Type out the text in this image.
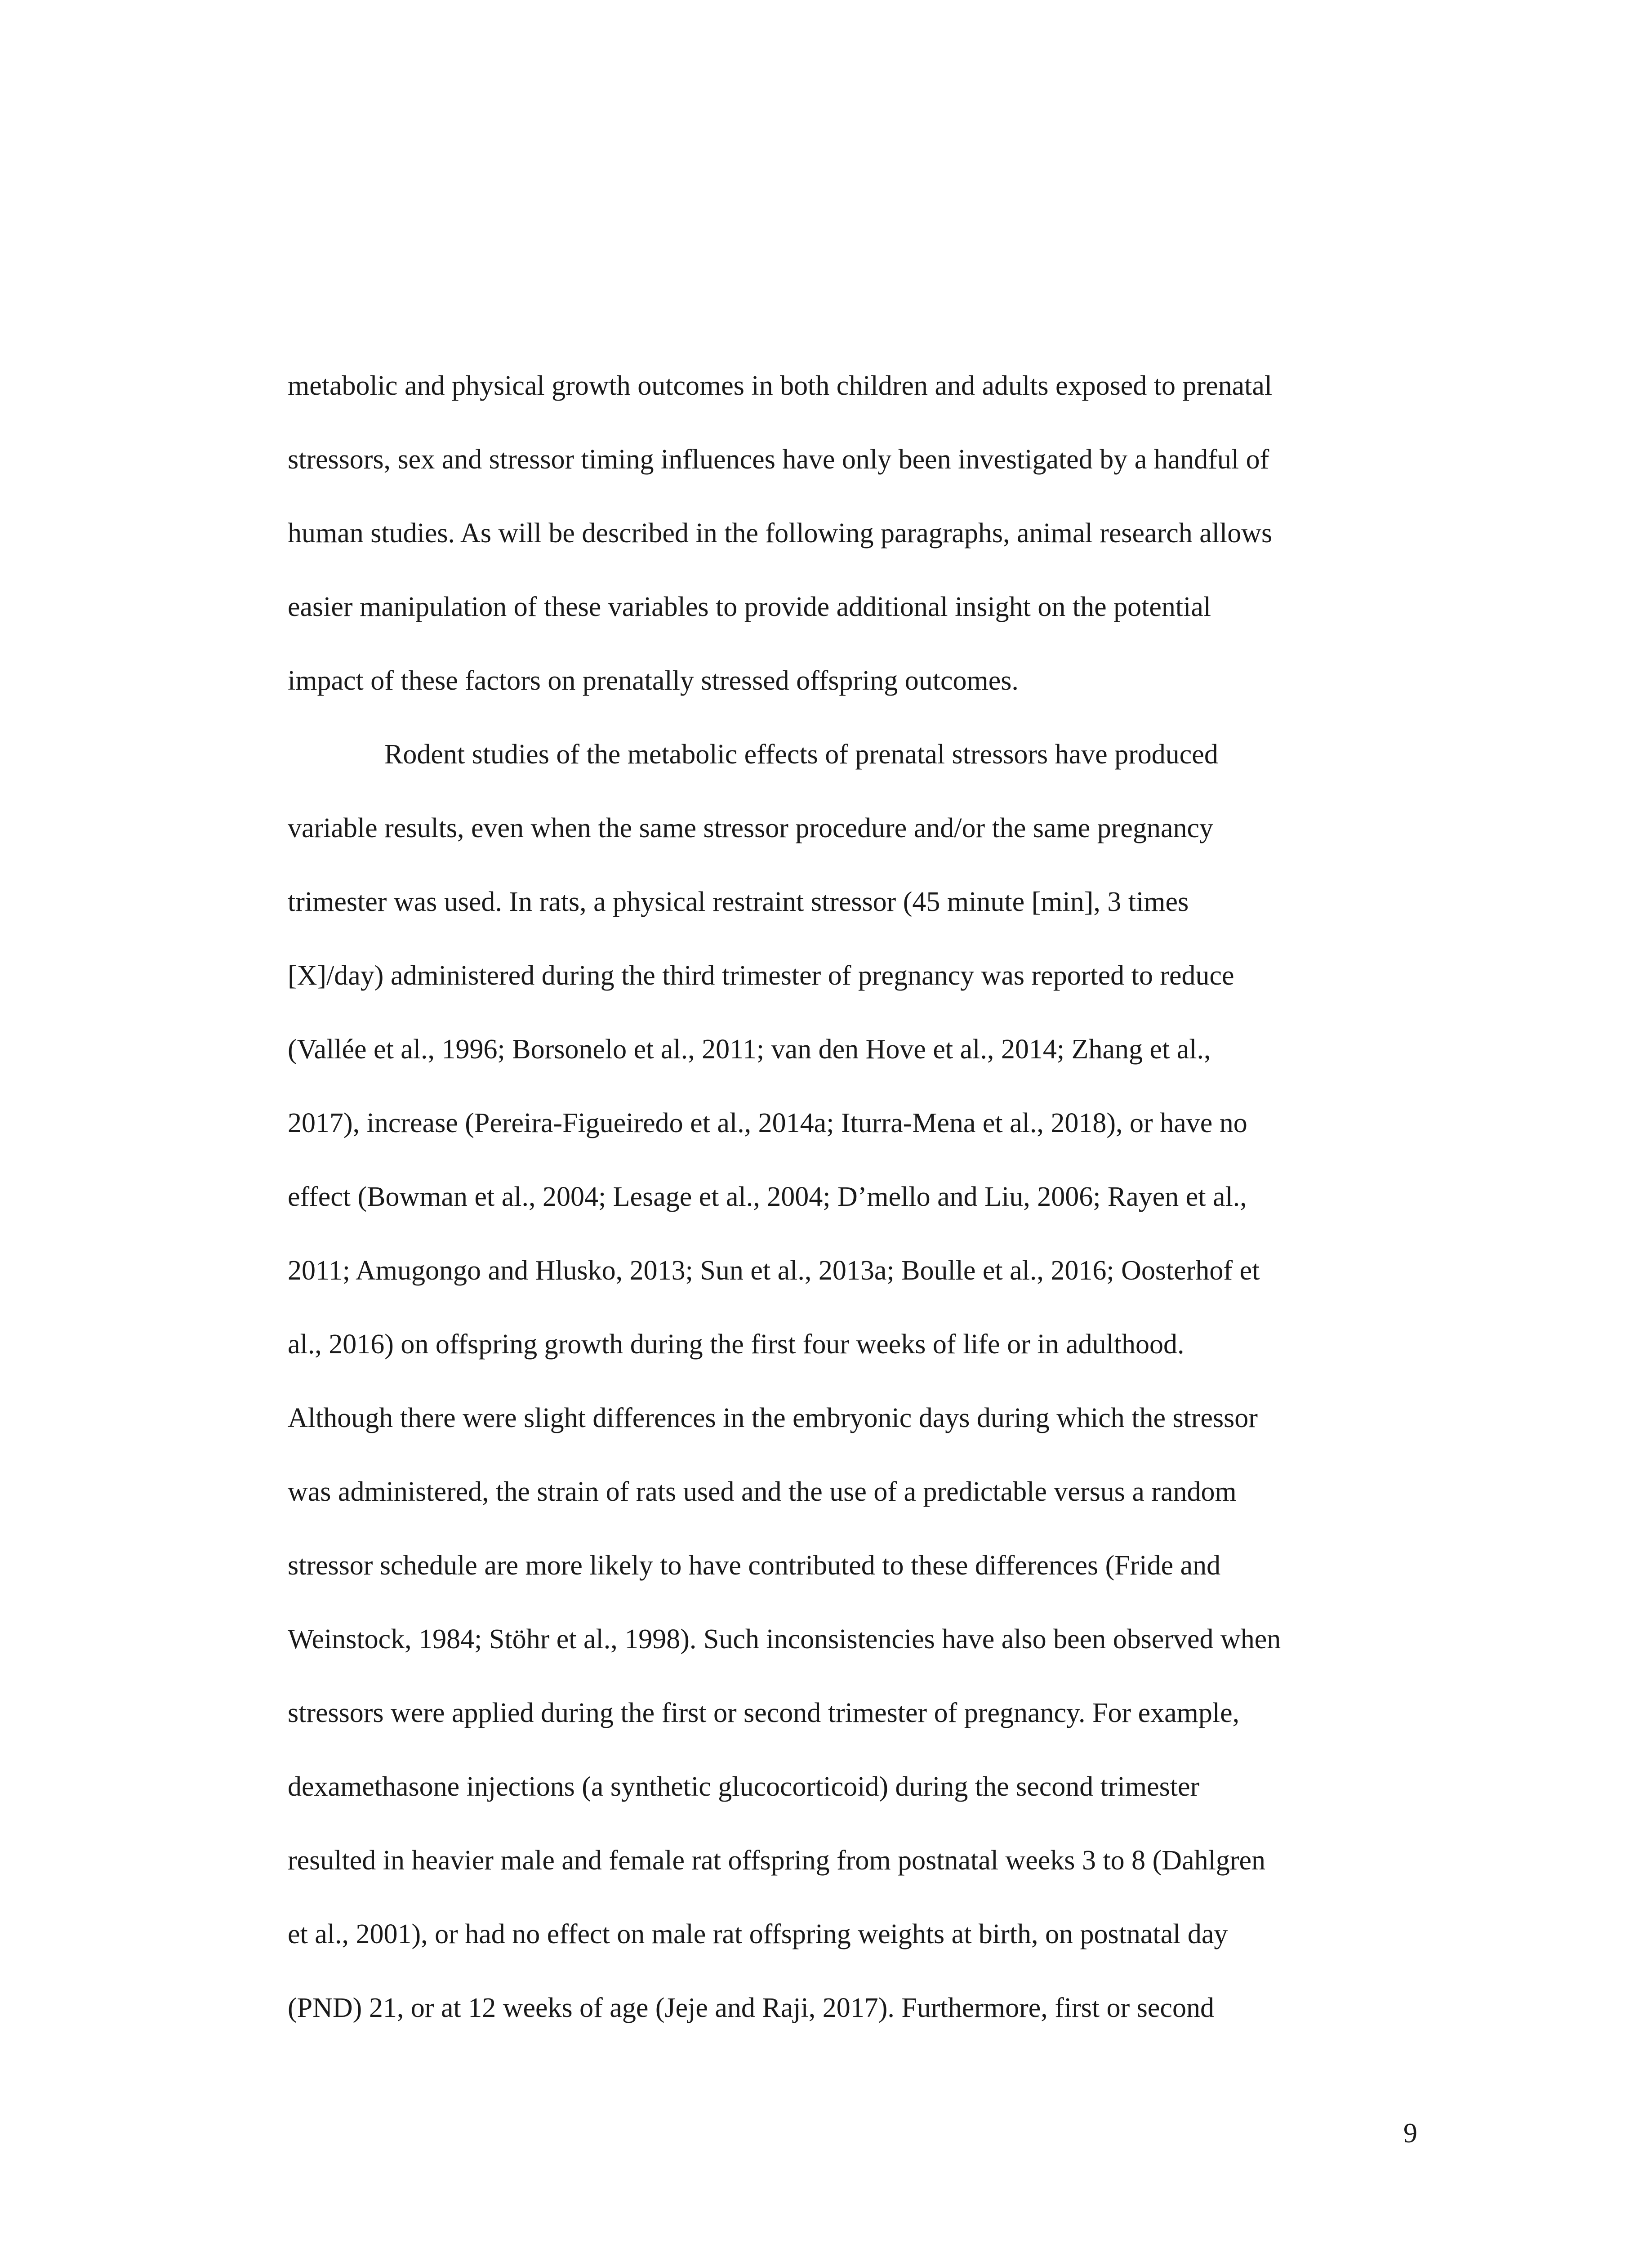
metabolic and physical growth outcomes in both children and adults exposed to prenatal
stressors, sex and stressor timing influences have only been investigated by a handful of
human studies. As will be described in the following paragraphs, animal research allows
easier manipulation of these variables to provide additional insight on the potential
impact of these factors on prenatally stressed offspring outcomes.
Rodent studies of the metabolic effects of prenatal stressors have produced
variable results, even when the same stressor procedure and/or the same pregnancy
trimester was used. In rats, a physical restraint stressor (45 minute [min], 3 times
[X]/day) administered during the third trimester of pregnancy was reported to reduce
(Vallée et al., 1996; Borsonelo et al., 2011; van den Hove et al., 2014; Zhang et al.,
2017), increase (Pereira-Figueiredo et al., 2014a; Iturra-Mena et al., 2018), or have no
effect (Bowman et al., 2004; Lesage et al., 2004; D’mello and Liu, 2006; Rayen et al.,
2011; Amugongo and Hlusko, 2013; Sun et al., 2013a; Boulle et al., 2016; Oosterhof et
al., 2016) on offspring growth during the first four weeks of life or in adulthood.
Although there were slight differences in the embryonic days during which the stressor
was administered, the strain of rats used and the use of a predictable versus a random
stressor schedule are more likely to have contributed to these differences (Fride and
Weinstock, 1984; Stöhr et al., 1998). Such inconsistencies have also been observed when
stressors were applied during the first or second trimester of pregnancy. For example,
dexamethasone injections (a synthetic glucocorticoid) during the second trimester
resulted in heavier male and female rat offspring from postnatal weeks 3 to 8 (Dahlgren
et al., 2001), or had no effect on male rat offspring weights at birth, on postnatal day
(PND) 21, or at 12 weeks of age (Jeje and Raji, 2017). Furthermore, first or second
9
